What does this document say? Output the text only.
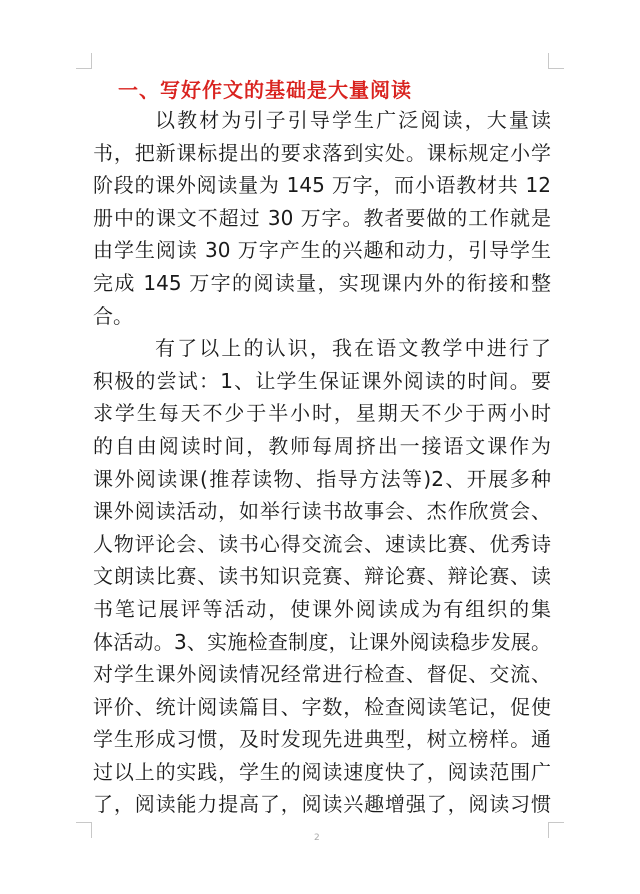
一、写好作文的基础是大量阅读
以教材为引子引导学生广泛阅读，大量读
书，把新课标提出的要求落到实处。课标规定小学
阶段的课外阅读量为 145 万字，而小语教材共 12
册中的课文不超过 30 万字。教者要做的工作就是
由学生阅读 30 万字产生的兴趣和动力，引导学生
完成 145 万字的阅读量，实现课内外的衔接和整
合。
有了以上的认识，我在语文教学中进行了
积极的尝试：1、让学生保证课外阅读的时间。要
求学生每天不少于半小时，星期天不少于两小时
的自由阅读时间，教师每周挤出一接语文课作为
课外阅读课(推荐读物、指导方法等)2、开展多种
课外阅读活动，如举行读书故事会、杰作欣赏会、
人物评论会、读书心得交流会、速读比赛、优秀诗
文朗读比赛、读书知识竞赛、辩论赛、辩论赛、读
书笔记展评等活动，使课外阅读成为有组织的集
体活动。3、实施检查制度，让课外阅读稳步发展。
对学生课外阅读情况经常进行检查、督促、交流、
评价、统计阅读篇目、字数，检查阅读笔记，促使
学生形成习惯，及时发现先进典型，树立榜样。通
过以上的实践，学生的阅读速度快了，阅读范围广
了，阅读能力提高了，阅读兴趣增强了，阅读习惯
2
